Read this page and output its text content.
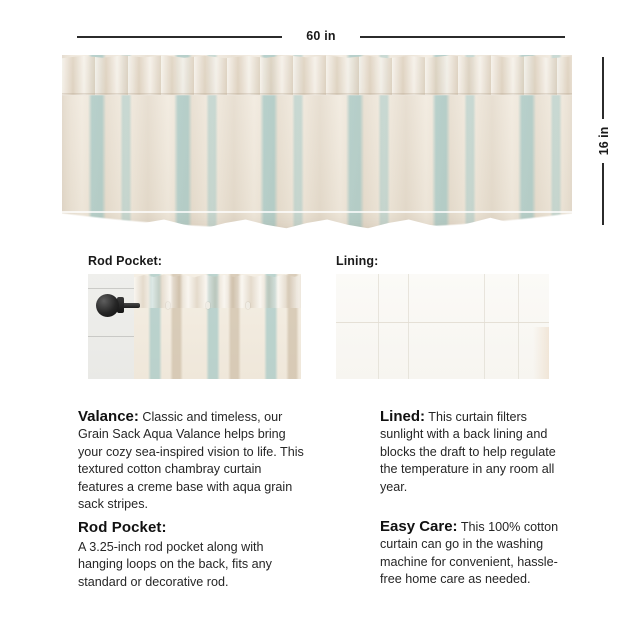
60 in
16 in
Rod Pocket:	Lining:
Valance: Classic and timeless, our Grain Sack Aqua Valance helps bring your cozy sea-inspired vision to life. This textured cotton chambray curtain features a creme base with aqua grain sack stripes.
Lined: This curtain filters sunlight with a back lining and blocks the draft to help regulate the temperature in any room all year.
Rod Pocket:
A 3.25-inch rod pocket along with hanging loops on the back, fits any standard or decorative rod.
Easy Care: This 100% cotton curtain can go in the washing machine for convenient, hassle-free home care as needed.
